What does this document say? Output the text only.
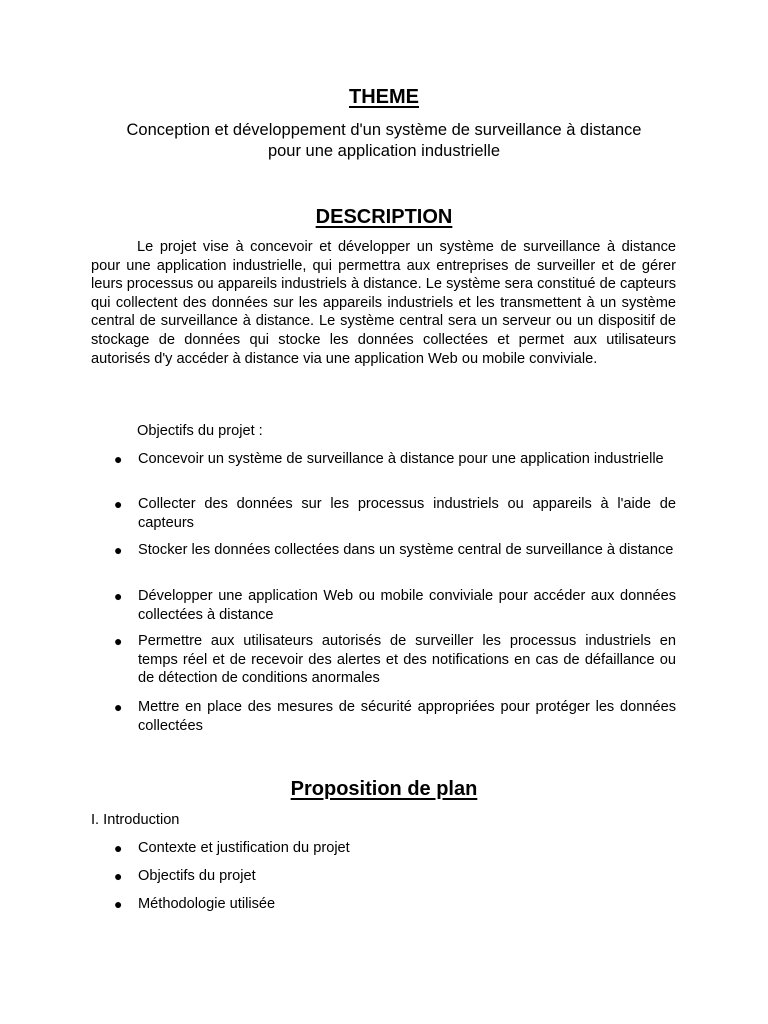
THEME
Conception et développement d'un système de surveillance à distance
pour une application industrielle
DESCRIPTION
Le projet vise à concevoir et développer un système de surveillance à distance pour une application industrielle, qui permettra aux entreprises de surveiller et de gérer leurs processus ou appareils industriels à distance. Le système sera constitué de capteurs qui collectent des données sur les appareils industriels et les transmettent à un système central de surveillance à distance. Le système central sera un serveur ou un dispositif de stockage de données qui stocke les données collectées et permet aux utilisateurs autorisés d'y accéder à distance via une application Web ou mobile conviviale.
Objectifs du projet :
● Concevoir un système de surveillance à distance pour une application industrielle
● Collecter des données sur les processus industriels ou appareils à l'aide de capteurs
● Stocker les données collectées dans un système central de surveillance à distance
● Développer une application Web ou mobile conviviale pour accéder aux données collectées à distance
● Permettre aux utilisateurs autorisés de surveiller les processus industriels en temps réel et de recevoir des alertes et des notifications en cas de défaillance ou de détection de conditions anormales
● Mettre en place des mesures de sécurité appropriées pour protéger les données collectées
Proposition de plan
I. Introduction
● Contexte et justification du projet
● Objectifs du projet
● Méthodologie utilisée
